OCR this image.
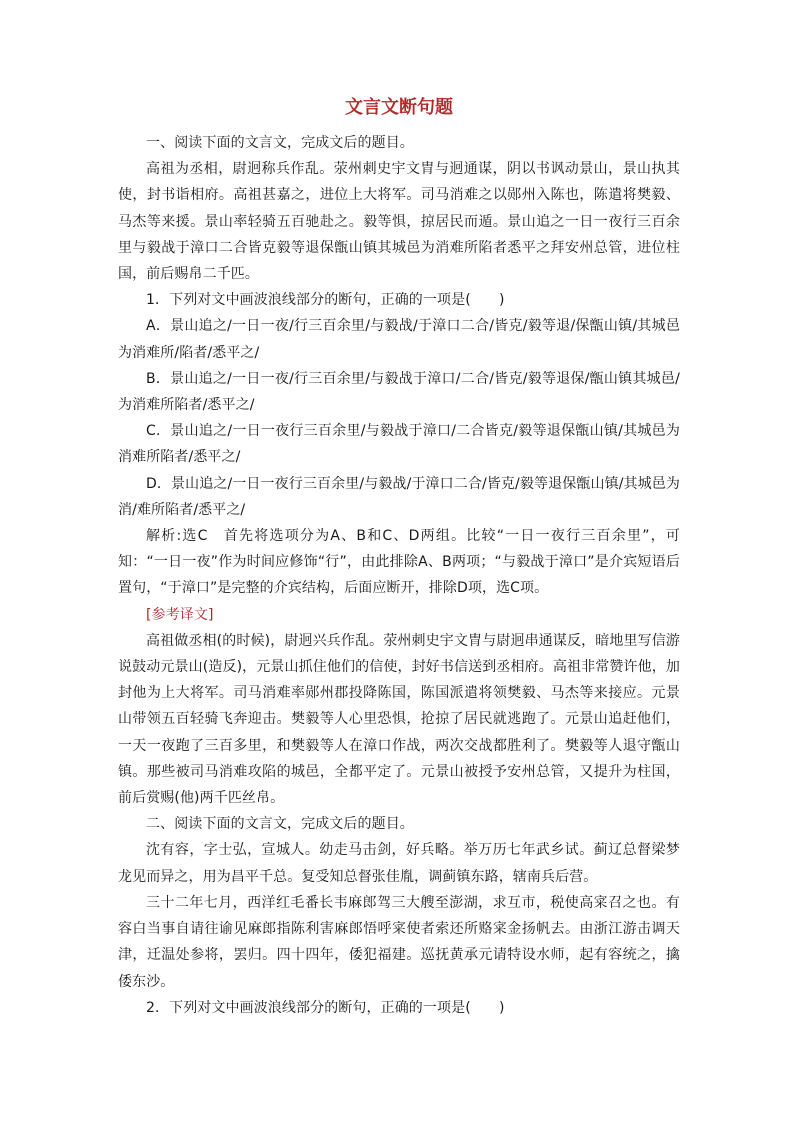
文言文断句题

一、阅读下面的文言文，完成文后的题目。

高祖为丞相，尉迥称兵作乱。荥州刺史宇文胄与迥通谋，阴以书讽动景山，景山执其使，封书诣相府。高祖甚嘉之，进位上大将军。司马消难之以郧州入陈也，陈遣将樊毅、马杰等来援。景山率轻骑五百驰赴之。毅等惧，掠居民而遁。景山追之一日一夜行三百余里与毅战于漳口二合皆克毅等退保甑山镇其城邑为消难所陷者悉平之拜安州总管，进位柱国，前后赐帛二千匹。

1．下列对文中画波浪线部分的断句，正确的一项是(　　)

A．景山追之/一日一夜/行三百余里/与毅战/于漳口二合/皆克/毅等退/保甑山镇/其城邑为消难所/陷者/悉平之/

B．景山追之/一日一夜/行三百余里/与毅战于漳口/二合/皆克/毅等退保/甑山镇其城邑/为消难所陷者/悉平之/

C．景山追之/一日一夜行三百余里/与毅战于漳口/二合皆克/毅等退保甑山镇/其城邑为消难所陷者/悉平之/

D．景山追之/一日一夜行三百余里/与毅战/于漳口二合/皆克/毅等退保甑山镇/其城邑为消/难所陷者/悉平之/

解析:选C　首先将选项分为A、B和C、D两组。比较“一日一夜行三百余里”，可知：“一日一夜”作为时间应修饰“行”，由此排除A、B两项；“与毅战于漳口”是介宾短语后置句，“于漳口”是完整的介宾结构，后面应断开，排除D项，选C项。

[参考译文]

高祖做丞相(的时候)，尉迥兴兵作乱。荥州刺史宇文胄与尉迥串通谋反，暗地里写信游说鼓动元景山(造反)，元景山抓住他们的信使，封好书信送到丞相府。高祖非常赞许他，加封他为上大将军。司马消难率郧州郡投降陈国，陈国派遣将领樊毅、马杰等来接应。元景山带领五百轻骑飞奔迎击。樊毅等人心里恐惧，抢掠了居民就逃跑了。元景山追赶他们，一天一夜跑了三百多里，和樊毅等人在漳口作战，两次交战都胜利了。樊毅等人退守甑山镇。那些被司马消难攻陷的城邑，全都平定了。元景山被授予安州总管，又提升为柱国，前后赏赐(他)两千匹丝帛。

二、阅读下面的文言文，完成文后的题目。

沈有容，字士弘，宣城人。幼走马击剑，好兵略。举万历七年武乡试。蓟辽总督梁梦龙见而异之，用为昌平千总。复受知总督张佳胤，调蓟镇东路，辖南兵后营。

三十二年七月，西洋红毛番长韦麻郎驾三大艘至澎湖，求互市，税使高寀召之也。有容白当事自请往谕见麻郎指陈利害麻郎悟呼寀使者索还所赂寀金扬帆去。由浙江游击调天津，迁温处参将，罢归。四十四年，倭犯福建。巡抚黄承元请特设水师，起有容统之，擒倭东沙。

2．下列对文中画波浪线部分的断句，正确的一项是(　　)
